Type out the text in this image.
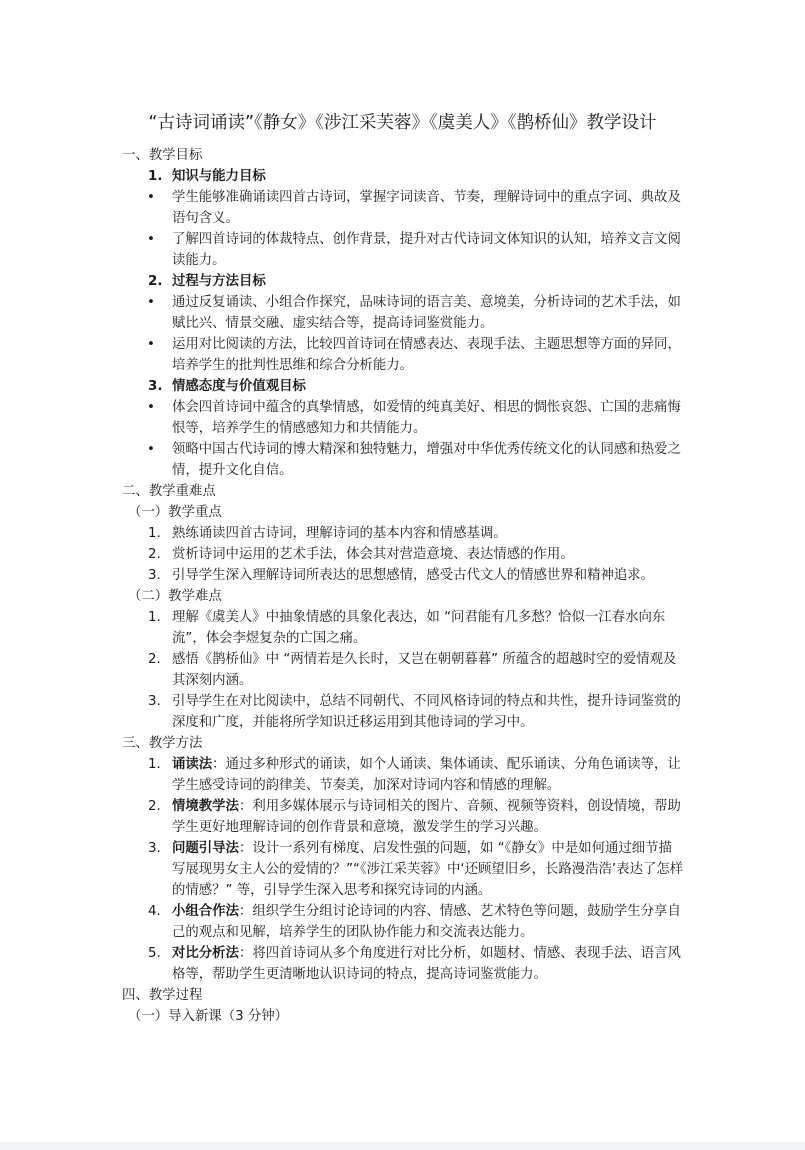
“古诗词诵读”《静女》《涉江采芙蓉》《虞美人》《鹊桥仙》教学设计
一、教学目标
1. 知识与能力目标
• 学生能够准确诵读四首古诗词，掌握字词读音、节奏，理解诗词中的重点字词、典故及语句含义。
• 了解四首诗词的体裁特点、创作背景，提升对古代诗词文体知识的认知，培养文言文阅读能力。
2. 过程与方法目标
• 通过反复诵读、小组合作探究，品味诗词的语言美、意境美，分析诗词的艺术手法，如赋比兴、情景交融、虚实结合等，提高诗词鉴赏能力。
• 运用对比阅读的方法，比较四首诗词在情感表达、表现手法、主题思想等方面的异同，培养学生的批判性思维和综合分析能力。
3. 情感态度与价值观目标
• 体会四首诗词中蕴含的真挚情感，如爱情的纯真美好、相思的惆怅哀怨、亡国的悲痛悔恨等，培养学生的情感感知力和共情能力。
• 领略中国古代诗词的博大精深和独特魅力，增强对中华优秀传统文化的认同感和热爱之情，提升文化自信。
二、教学重难点
（一）教学重点
1. 熟练诵读四首古诗词，理解诗词的基本内容和情感基调。
2. 赏析诗词中运用的艺术手法，体会其对营造意境、表达情感的作用。
3. 引导学生深入理解诗词所表达的思想感情，感受古代文人的情感世界和精神追求。
（二）教学难点
1. 理解《虞美人》中抽象情感的具象化表达，如 “问君能有几多愁？恰似一江春水向东流”，体会李煜复杂的亡国之痛。
2. 感悟《鹊桥仙》中 “两情若是久长时，又岂在朝朝暮暮” 所蕴含的超越时空的爱情观及其深刻内涵。
3. 引导学生在对比阅读中，总结不同朝代、不同风格诗词的特点和共性，提升诗词鉴赏的深度和广度，并能将所学知识迁移运用到其他诗词的学习中。
三、教学方法
1. 诵读法：通过多种形式的诵读，如个人诵读、集体诵读、配乐诵读、分角色诵读等，让学生感受诗词的韵律美、节奏美，加深对诗词内容和情感的理解。
2. 情境教学法：利用多媒体展示与诗词相关的图片、音频、视频等资料，创设情境，帮助学生更好地理解诗词的创作背景和意境，激发学生的学习兴趣。
3. 问题引导法：设计一系列有梯度、启发性强的问题，如 “《静女》中是如何通过细节描写展现男女主人公的爱情的？”“《涉江采芙蓉》中‘还顾望旧乡，长路漫浩浩’表达了怎样的情感？” 等，引导学生深入思考和探究诗词的内涵。
4. 小组合作法：组织学生分组讨论诗词的内容、情感、艺术特色等问题，鼓励学生分享自己的观点和见解，培养学生的团队协作能力和交流表达能力。
5. 对比分析法：将四首诗词从多个角度进行对比分析，如题材、情感、表现手法、语言风格等，帮助学生更清晰地认识诗词的特点，提高诗词鉴赏能力。
四、教学过程
（一）导入新课（3 分钟）
